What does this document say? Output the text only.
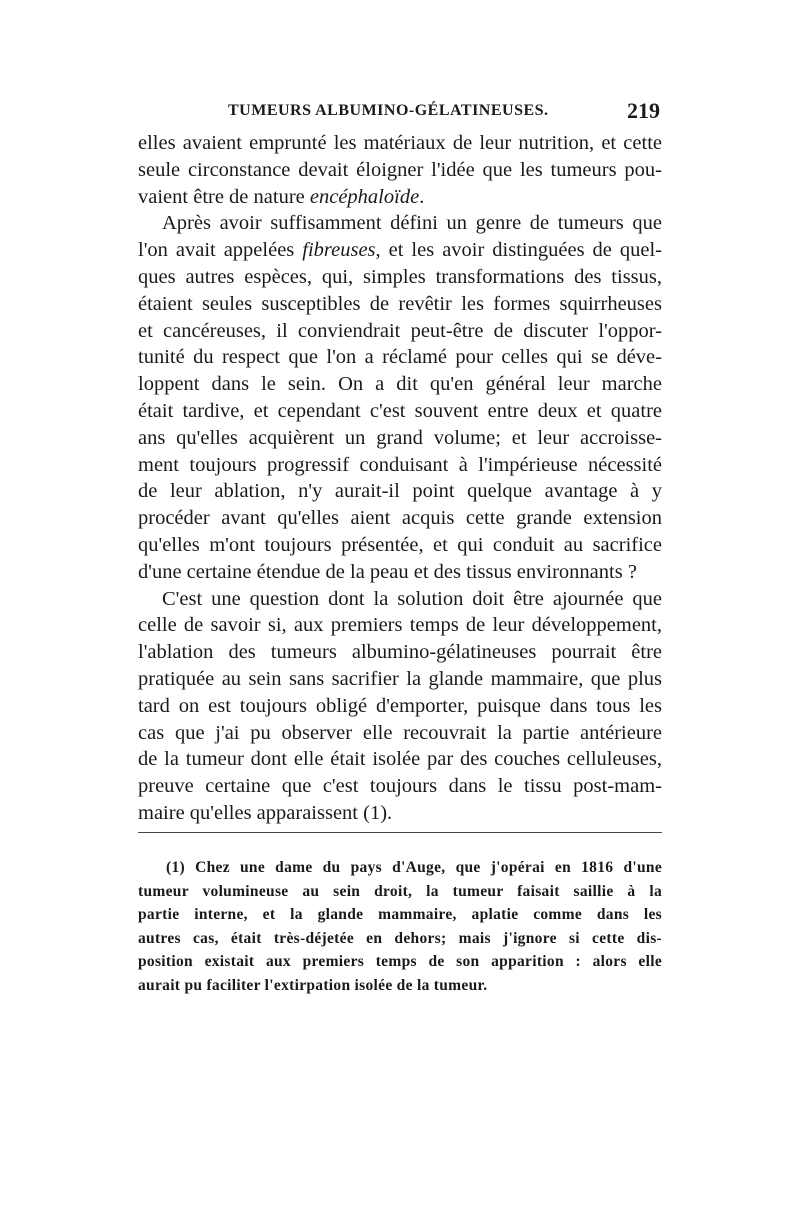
TUMEURS ALBUMINO-GÉLATINEUSES.	219
elles avaient emprunté les matériaux de leur nutrition, et cette
seule circonstance devait éloigner l'idée que les tumeurs pou-
vaient être de nature encéphaloïde.
Après avoir suffisamment défini un genre de tumeurs que
l'on avait appelées fibreuses, et les avoir distinguées de quel-
ques autres espèces, qui, simples transformations des tissus,
étaient seules susceptibles de revêtir les formes squirrheuses
et cancéreuses, il conviendrait peut-être de discuter l'oppor-
tunité du respect que l'on a réclamé pour celles qui se déve-
loppent dans le sein. On a dit qu'en général leur marche
était tardive, et cependant c'est souvent entre deux et quatre
ans qu'elles acquièrent un grand volume; et leur accroisse-
ment toujours progressif conduisant à l'impérieuse nécessité
de leur ablation, n'y aurait-il point quelque avantage à y
procéder avant qu'elles aient acquis cette grande extension
qu'elles m'ont toujours présentée, et qui conduit au sacrifice
d'une certaine étendue de la peau et des tissus environnants ?
C'est une question dont la solution doit être ajournée que
celle de savoir si, aux premiers temps de leur développement,
l'ablation des tumeurs albumino-gélatineuses pourrait être
pratiquée au sein sans sacrifier la glande mammaire, que plus
tard on est toujours obligé d'emporter, puisque dans tous les
cas que j'ai pu observer elle recouvrait la partie antérieure
de la tumeur dont elle était isolée par des couches celluleuses,
preuve certaine que c'est toujours dans le tissu post-mam-
maire qu'elles apparaissent (1).
(1) Chez une dame du pays d'Auge, que j'opérai en 1816 d'une
tumeur volumineuse au sein droit, la tumeur faisait saillie à la
partie interne, et la glande mammaire, aplatie comme dans les
autres cas, était très-déjetée en dehors; mais j'ignore si cette dis-
position existait aux premiers temps de son apparition : alors elle
aurait pu faciliter l'extirpation isolée de la tumeur.
